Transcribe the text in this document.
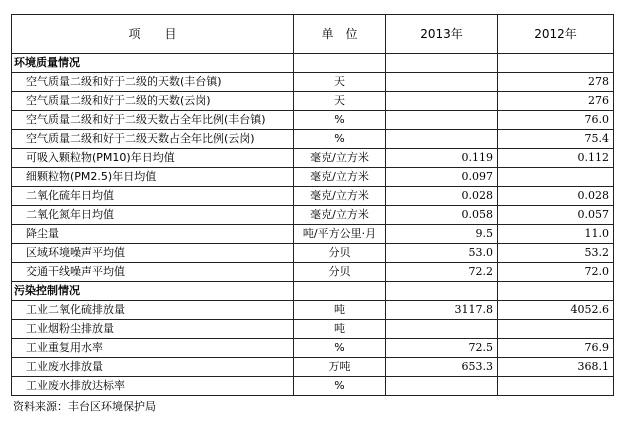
项　　目	单　位	2013年	2012年
环境质量情况			
空气质量二级和好于二级的天数(丰台镇)	天		278
空气质量二级和好于二级的天数(云岗)	天		276
空气质量二级和好于二级天数占全年比例(丰台镇)	%		76.0
空气质量二级和好于二级天数占全年比例(云岗)	%		75.4
可吸入颗粒物(PM10)年日均值	毫克/立方米	0.119	0.112
细颗粒物(PM2.5)年日均值	毫克/立方米	0.097	
二氧化硫年日均值	毫克/立方米	0.028	0.028
二氧化氮年日均值	毫克/立方米	0.058	0.057
降尘量	吨/平方公里·月	9.5	11.0
区域环境噪声平均值	分贝	53.0	53.2
交通干线噪声平均值	分贝	72.2	72.0
污染控制情况			
工业二氧化硫排放量	吨	3117.8	4052.6
工业烟粉尘排放量	吨		
工业重复用水率	%	72.5	76.9
工业废水排放量	万吨	653.3	368.1
工业废水排放达标率	%		
资料来源：丰台区环境保护局
